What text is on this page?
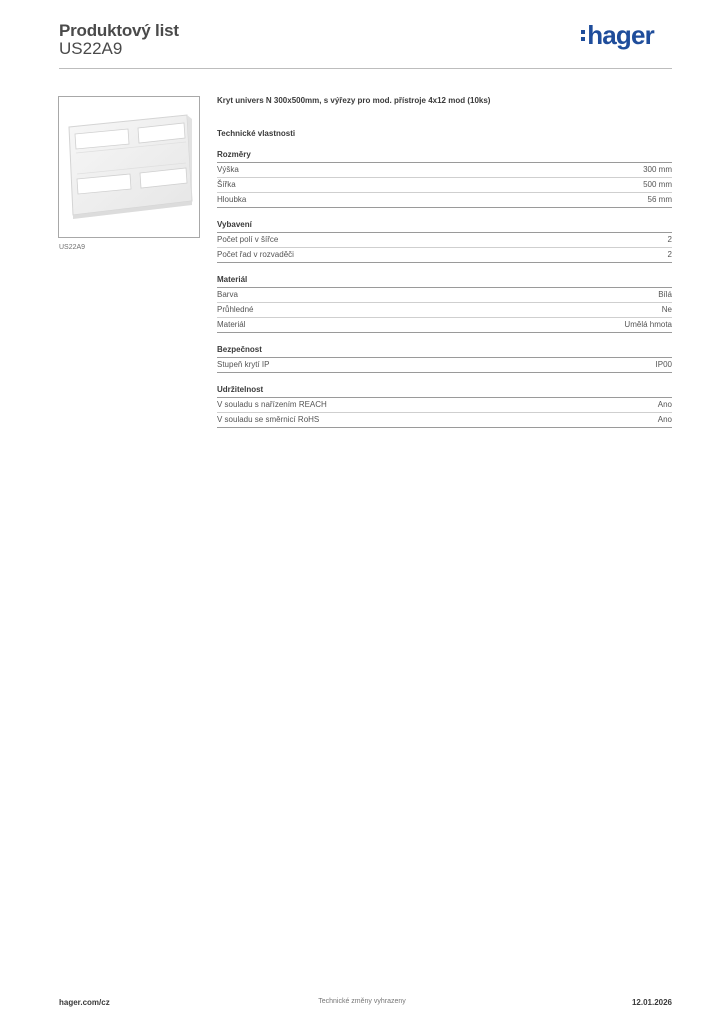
Produktový list
US22A9	hager
US22A9
Kryt univers N 300x500mm, s výřezy pro mod. přístroje 4x12 mod (10ks)
Technické vlastnosti
Rozměry
Výška	300 mm
Šířka	500 mm
Hloubka	56 mm
Vybavení
Počet polí v šířce	2
Počet řad v rozvaděči	2
Materiál
Barva	Bílá
Průhledné	Ne
Materiál	Umělá hmota
Bezpečnost
Stupeň krytí IP	IP00
Udržitelnost
V souladu s nařízením REACH	Ano
V souladu se směrnicí RoHS	Ano
hager.com/cz	Technické změny vyhrazeny	12.01.2026
